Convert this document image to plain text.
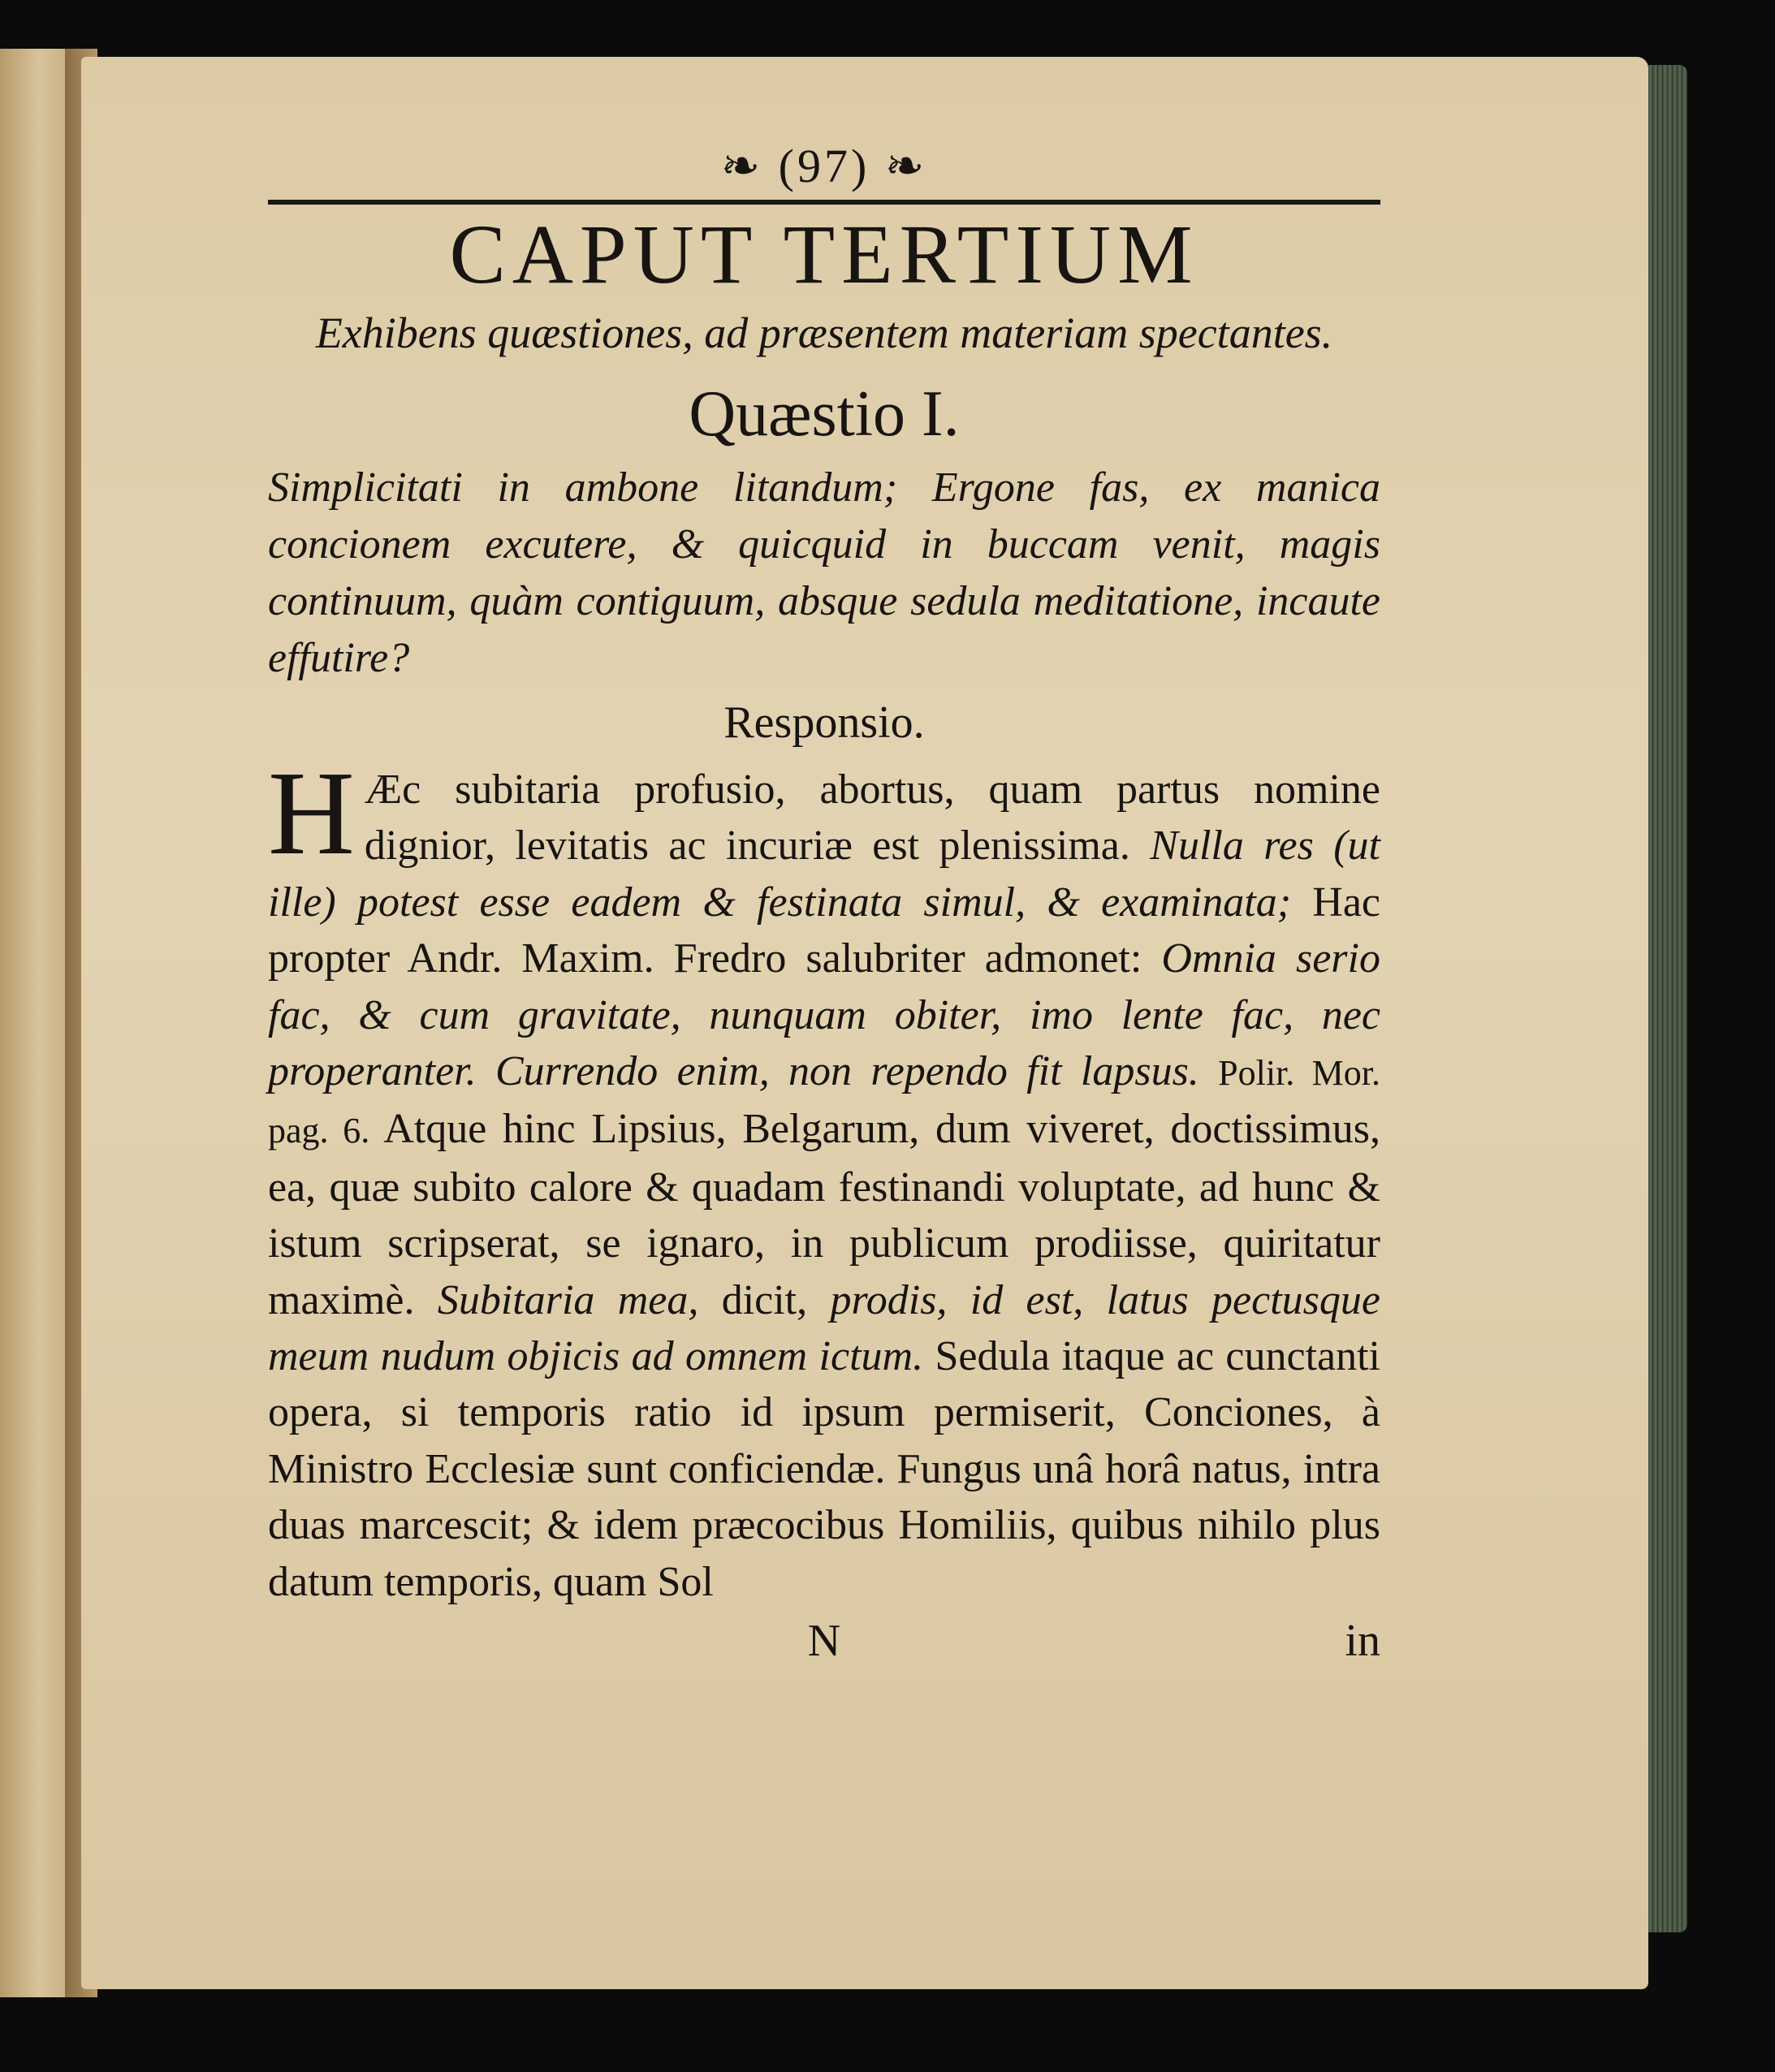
❧ (97) ❧
CAPUT TERTIUM
Exhibens quæstiones, ad præsentem materiam spectantes.
Quæstio I.
Simplicitati in ambone litandum; Ergone fas, ex manica concionem excutere, & quicquid in buccam venit, magis continuum, quàm contiguum, absque sedula meditatione, incaute effutire?
Responsio.
H Æc subitaria profusio, abortus, quam partus nomine dignior, levitatis ac incuriæ est plenissima. Nulla res (ut ille) potest esse eadem & festinata simul, & examinata; Hac propter Andr. Maxim. Fredro salubriter admonet: Omnia serio fac, & cum gravitate, nunquam obiter, imo lente fac, nec properanter. Currendo enim, non rependo fit lapsus. Polir. Mor. pag. 6. Atque hinc Lipsius, Belgarum, dum viveret, doctissimus, ea, quæ subito calore & quadam festinandi voluptate, ad hunc & istum scripserat, se ignaro, in publicum prodiisse, quiritatur maximè. Subitaria mea, dicit, prodis, id est, latus pectusque meum nudum objicis ad omnem ictum. Sedula itaque ac cunctanti opera, si temporis ratio id ipsum permiserit, Conciones, à Ministro Ecclesiæ sunt conficiendæ. Fungus unâ horâ natus, intra duas marcescit; & idem præcocibus Homiliis, quibus nihilo plus datum temporis, quam Sol
N	in
